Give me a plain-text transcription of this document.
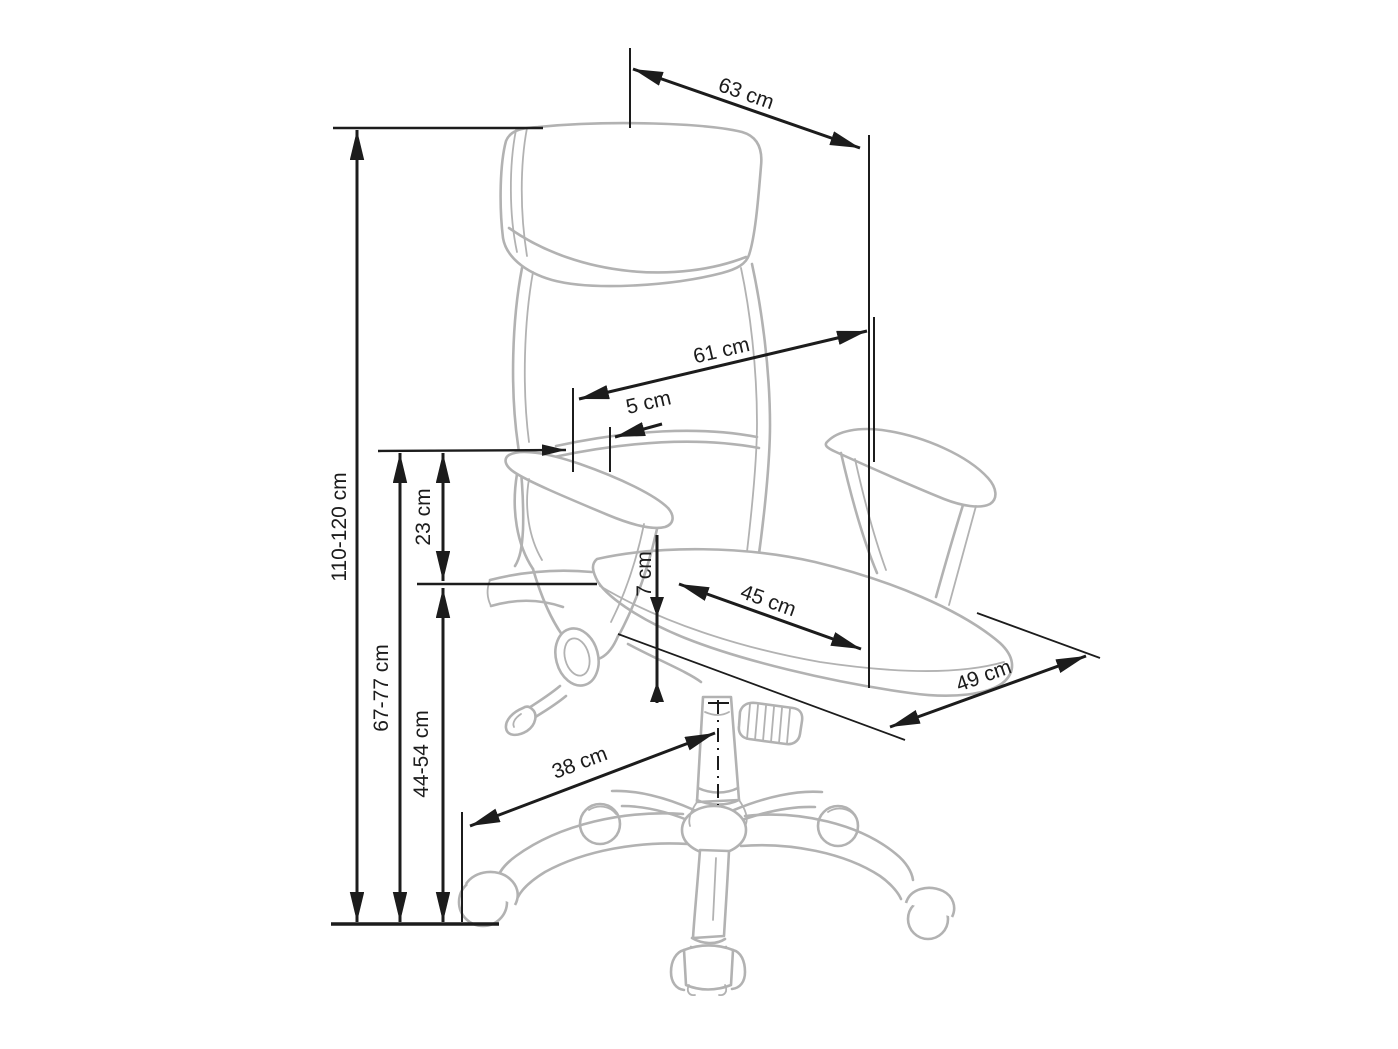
63 cm
61 cm
5 cm
110-120 cm	23 cm
67-77 cm
44-54 cm
7 cm
45 cm
49 cm
38 cm
